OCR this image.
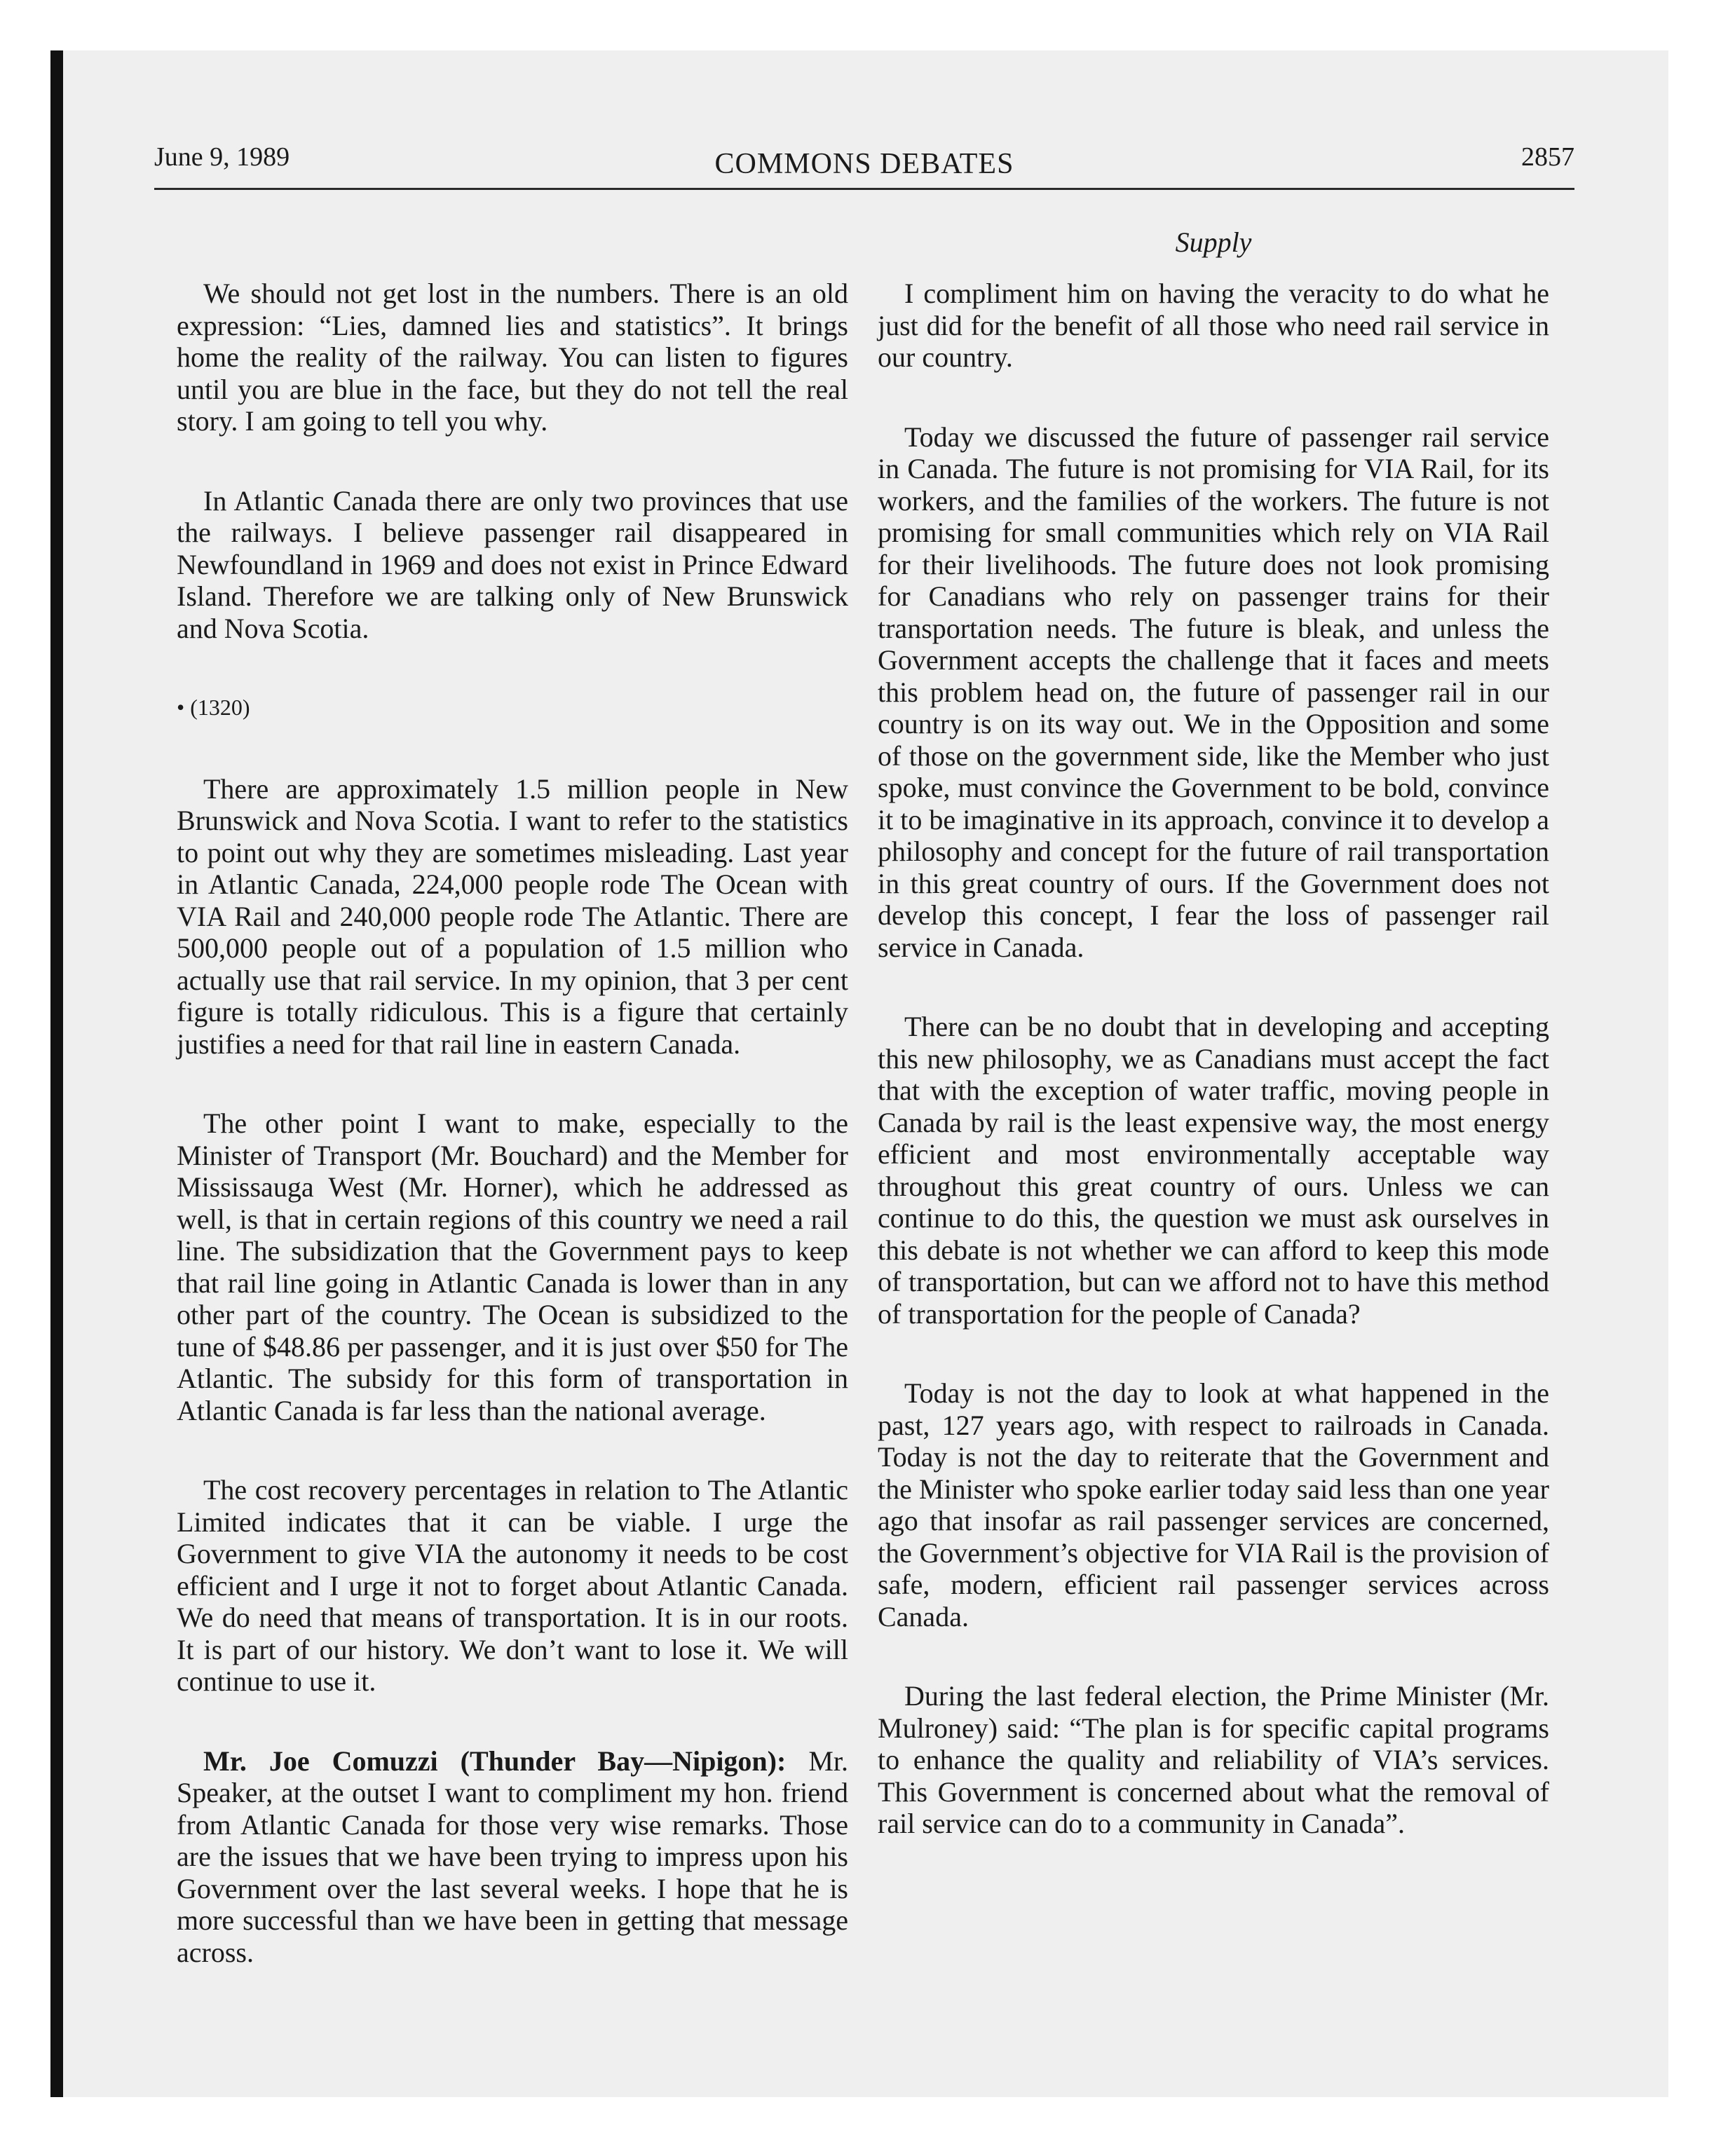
June 9, 1989	COMMONS DEBATES	2857
Supply

We should not get lost in the numbers. There is an old expression: “Lies, damned lies and statistics”. It brings home the reality of the railway. You can listen to figures until you are blue in the face, but they do not tell the real story. I am going to tell you why.

In Atlantic Canada there are only two provinces that use the railways. I believe passenger rail disappeared in Newfoundland in 1969 and does not exist in Prince Edward Island. Therefore we are talking only of New Brunswick and Nova Scotia.

• (1320)

There are approximately 1.5 million people in New Brunswick and Nova Scotia. I want to refer to the statistics to point out why they are sometimes misleading. Last year in Atlantic Canada, 224,000 people rode The Ocean with VIA Rail and 240,000 people rode The Atlantic. There are 500,000 people out of a population of 1.5 million who actually use that rail service. In my opinion, that 3 per cent figure is totally ridiculous. This is a figure that certainly justifies a need for that rail line in eastern Canada.

The other point I want to make, especially to the Minister of Transport (Mr. Bouchard) and the Member for Mississauga West (Mr. Horner), which he addressed as well, is that in certain regions of this country we need a rail line. The subsidization that the Government pays to keep that rail line going in Atlantic Canada is lower than in any other part of the country. The Ocean is subsidized to the tune of $48.86 per passenger, and it is just over $50 for The Atlantic. The subsidy for this form of transportation in Atlantic Canada is far less than the national average.

The cost recovery percentages in relation to The Atlantic Limited indicates that it can be viable. I urge the Government to give VIA the autonomy it needs to be cost efficient and I urge it not to forget about Atlantic Canada. We do need that means of transportation. It is in our roots. It is part of our history. We don’t want to lose it. We will continue to use it.

Mr. Joe Comuzzi (Thunder Bay—Nipigon): Mr. Speaker, at the outset I want to compliment my hon. friend from Atlantic Canada for those very wise remarks. Those are the issues that we have been trying to impress upon his Government over the last several weeks. I hope that he is more successful than we have been in getting that message across.

I compliment him on having the veracity to do what he just did for the benefit of all those who need rail service in our country.

Today we discussed the future of passenger rail service in Canada. The future is not promising for VIA Rail, for its workers, and the families of the workers. The future is not promising for small communities which rely on VIA Rail for their livelihoods. The future does not look promising for Canadians who rely on passenger trains for their transportation needs. The future is bleak, and unless the Government accepts the challenge that it faces and meets this problem head on, the future of passenger rail in our country is on its way out. We in the Opposition and some of those on the government side, like the Member who just spoke, must convince the Government to be bold, convince it to be imaginative in its approach, convince it to develop a philosophy and concept for the future of rail transportation in this great country of ours. If the Government does not develop this concept, I fear the loss of passenger rail service in Canada.

There can be no doubt that in developing and accepting this new philosophy, we as Canadians must accept the fact that with the exception of water traffic, moving people in Canada by rail is the least expensive way, the most energy efficient and most environmentally acceptable way throughout this great country of ours. Unless we can continue to do this, the question we must ask ourselves in this debate is not whether we can afford to keep this mode of transportation, but can we afford not to have this method of transportation for the people of Canada?

Today is not the day to look at what happened in the past, 127 years ago, with respect to railroads in Canada. Today is not the day to reiterate that the Government and the Minister who spoke earlier today said less than one year ago that insofar as rail passenger services are concerned, the Government’s objective for VIA Rail is the provision of safe, modern, efficient rail passenger services across Canada.

During the last federal election, the Prime Minister (Mr. Mulroney) said: “The plan is for specific capital programs to enhance the quality and reliability of VIA’s services. This Government is concerned about what the removal of rail service can do to a community in Canada”.
